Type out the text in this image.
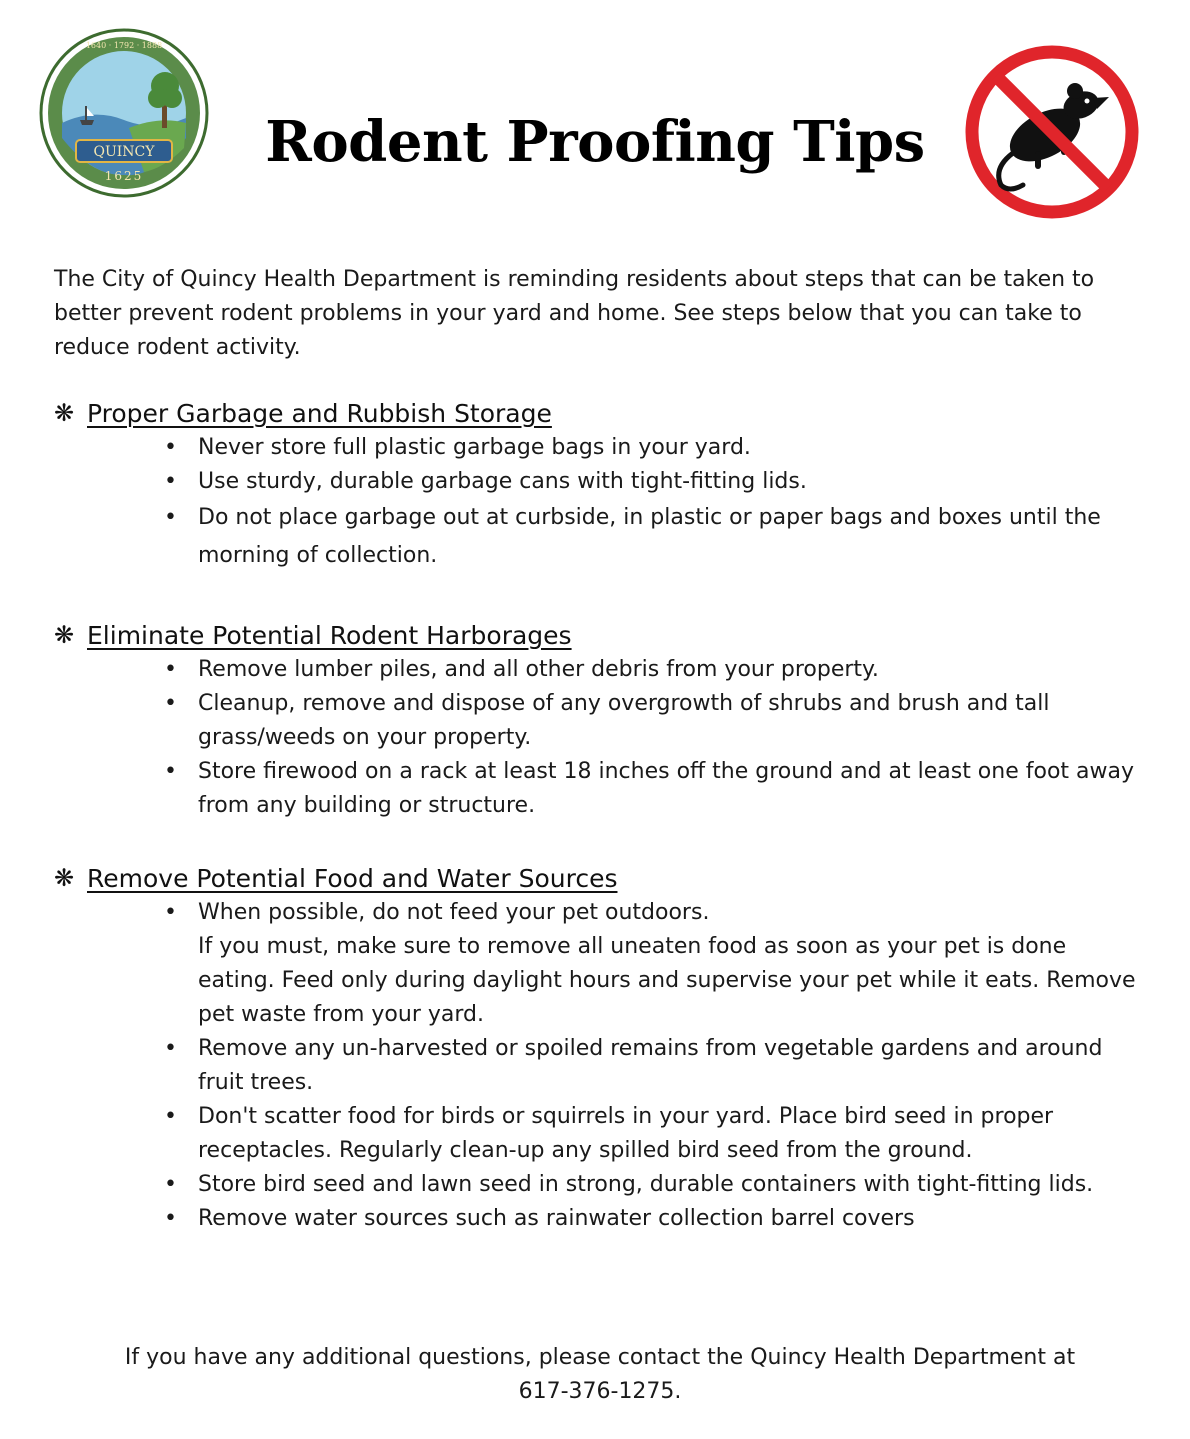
QUINCY
1625
1640 · 1792 · 1888
Rodent Proofing Tips

The City of Quincy Health Department is reminding residents about steps that can be taken to better prevent rodent problems in your yard and home. See steps below that you can take to reduce rodent activity.

❋ Proper Garbage and Rubbish Storage
• Never store full plastic garbage bags in your yard.
• Use sturdy, durable garbage cans with tight-fitting lids.
• Do not place garbage out at curbside, in plastic or paper bags and boxes until the morning of collection.
❋ Eliminate Potential Rodent Harborages
• Remove lumber piles, and all other debris from your property.
• Cleanup, remove and dispose of any overgrowth of shrubs and brush and tall grass/weeds on your property.
• Store firewood on a rack at least 18 inches off the ground and at least one foot away from any building or structure.
❋ Remove Potential Food and Water Sources
• When possible, do not feed your pet outdoors.
If you must, make sure to remove all uneaten food as soon as your pet is done eating. Feed only during daylight hours and supervise your pet while it eats. Remove pet waste from your yard.
• Remove any un-harvested or spoiled remains from vegetable gardens and around fruit trees.
• Don't scatter food for birds or squirrels in your yard. Place bird seed in proper receptacles. Regularly clean-up any spilled bird seed from the ground.
• Store bird seed and lawn seed in strong, durable containers with tight-fitting lids.
• Remove water sources such as rainwater collection barrel covers
If you have any additional questions, please contact the Quincy Health Department at
617-376-1275.
